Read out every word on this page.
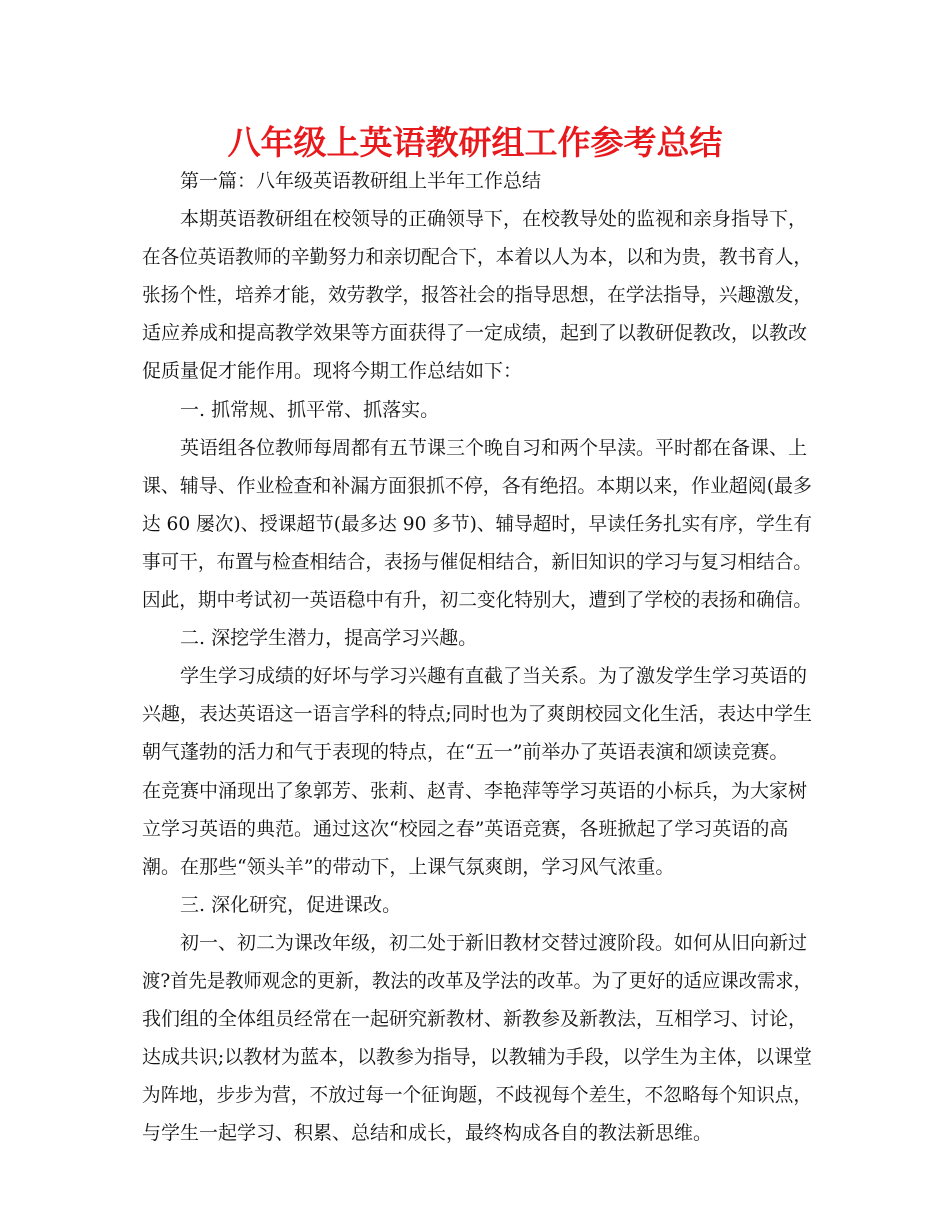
八年级上英语教研组工作参考总结
第一篇：八年级英语教研组上半年工作总结
本期英语教研组在校领导的正确领导下，在校教导处的监视和亲身指导下，
在各位英语教师的辛勤努力和亲切配合下，本着以人为本，以和为贵，教书育人，
张扬个性，培养才能，效劳教学，报答社会的指导思想，在学法指导，兴趣激发，
适应养成和提高教学效果等方面获得了一定成绩，起到了以教研促教改，以教改
促质量促才能作用。现将今期工作总结如下：
一. 抓常规、抓平常、抓落实。
英语组各位教师每周都有五节课三个晚自习和两个早渎。平时都在备课、上
课、辅导、作业检查和补漏方面狠抓不停，各有绝招。本期以来，作业超阅(最多
达 60 屡次)、授课超节(最多达 90 多节)、辅导超时，早读任务扎实有序，学生有
事可干，布置与检查相结合，表扬与催促相结合，新旧知识的学习与复习相结合。
因此，期中考试初一英语稳中有升，初二变化特别大，遭到了学校的表扬和确信。
二. 深挖学生潜力，提高学习兴趣。
学生学习成绩的好坏与学习兴趣有直截了当关系。为了激发学生学习英语的
兴趣，表达英语这一语言学科的特点;同时也为了爽朗校园文化生活，表达中学生
朝气蓬勃的活力和气于表现的特点，在“五一”前举办了英语表演和颂读竞赛。
在竞赛中涌现出了象郭芳、张莉、赵青、李艳萍等学习英语的小标兵，为大家树
立学习英语的典范。通过这次“校园之春”英语竞赛，各班掀起了学习英语的高
潮。在那些“领头羊”的带动下，上课气氛爽朗，学习风气浓重。
三. 深化研究，促进课改。
初一、初二为课改年级，初二处于新旧教材交替过渡阶段。如何从旧向新过
渡?首先是教师观念的更新，教法的改革及学法的改革。为了更好的适应课改需求，
我们组的全体组员经常在一起研究新教材、新教参及新教法，互相学习、讨论，
达成共识;以教材为蓝本，以教参为指导，以教辅为手段，以学生为主体，以课堂
为阵地，步步为营，不放过每一个征询题，不歧视每个差生，不忽略每个知识点，
与学生一起学习、积累、总结和成长，最终构成各自的教法新思维。
